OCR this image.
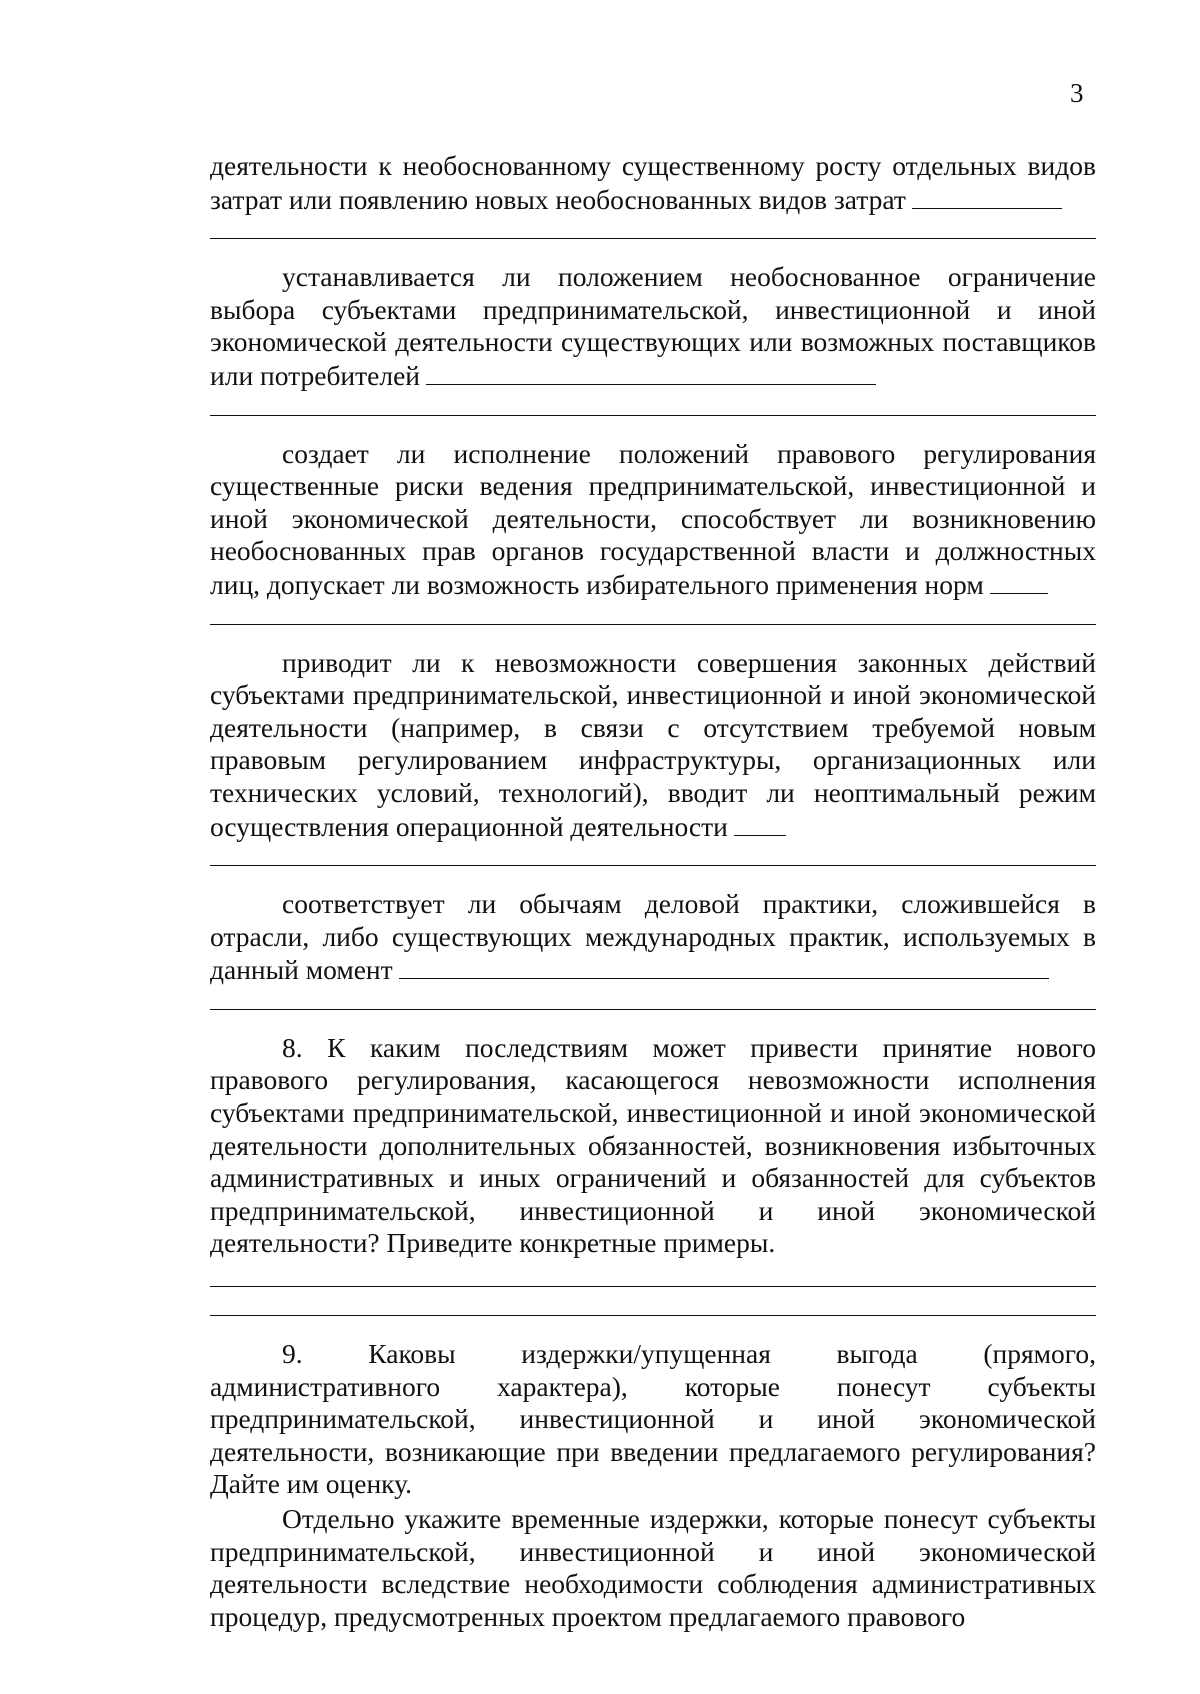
3

деятельности к необоснованному существенному росту отдельных видов затрат или появлению новых необоснованных видов затрат

устанавливается ли положением необоснованное ограничение выбора субъектами предпринимательской, инвестиционной и иной экономической деятельности существующих или возможных поставщиков или потребителей

создает ли исполнение положений правового регулирования существенные риски ведения предпринимательской, инвестиционной и иной экономической деятельности, способствует ли возникновению необоснованных прав органов государственной власти и должностных лиц, допускает ли возможность избирательного применения норм

приводит ли к невозможности совершения законных действий субъектами предпринимательской, инвестиционной и иной экономической деятельности (например, в связи с отсутствием требуемой новым правовым регулированием инфраструктуры, организационных или технических условий, технологий), вводит ли неоптимальный режим осуществления операционной деятельности

соответствует ли обычаям деловой практики, сложившейся в отрасли, либо существующих международных практик, используемых в данный момент

8. К каким последствиям может привести принятие нового правового регулирования, касающегося невозможности исполнения субъектами предпринимательской, инвестиционной и иной экономической деятельности дополнительных обязанностей, возникновения избыточных административных и иных ограничений и обязанностей для субъектов предпринимательской, инвестиционной и иной экономической деятельности? Приведите конкретные примеры.

9. Каковы издержки/упущенная выгода (прямого, административного характера), которые понесут субъекты предпринимательской, инвестиционной и иной экономической деятельности, возникающие при введении предлагаемого регулирования? Дайте им оценку.

Отдельно укажите временные издержки, которые понесут субъекты предпринимательской, инвестиционной и иной экономической деятельности вследствие необходимости соблюдения административных процедур, предусмотренных проектом предлагаемого правового
